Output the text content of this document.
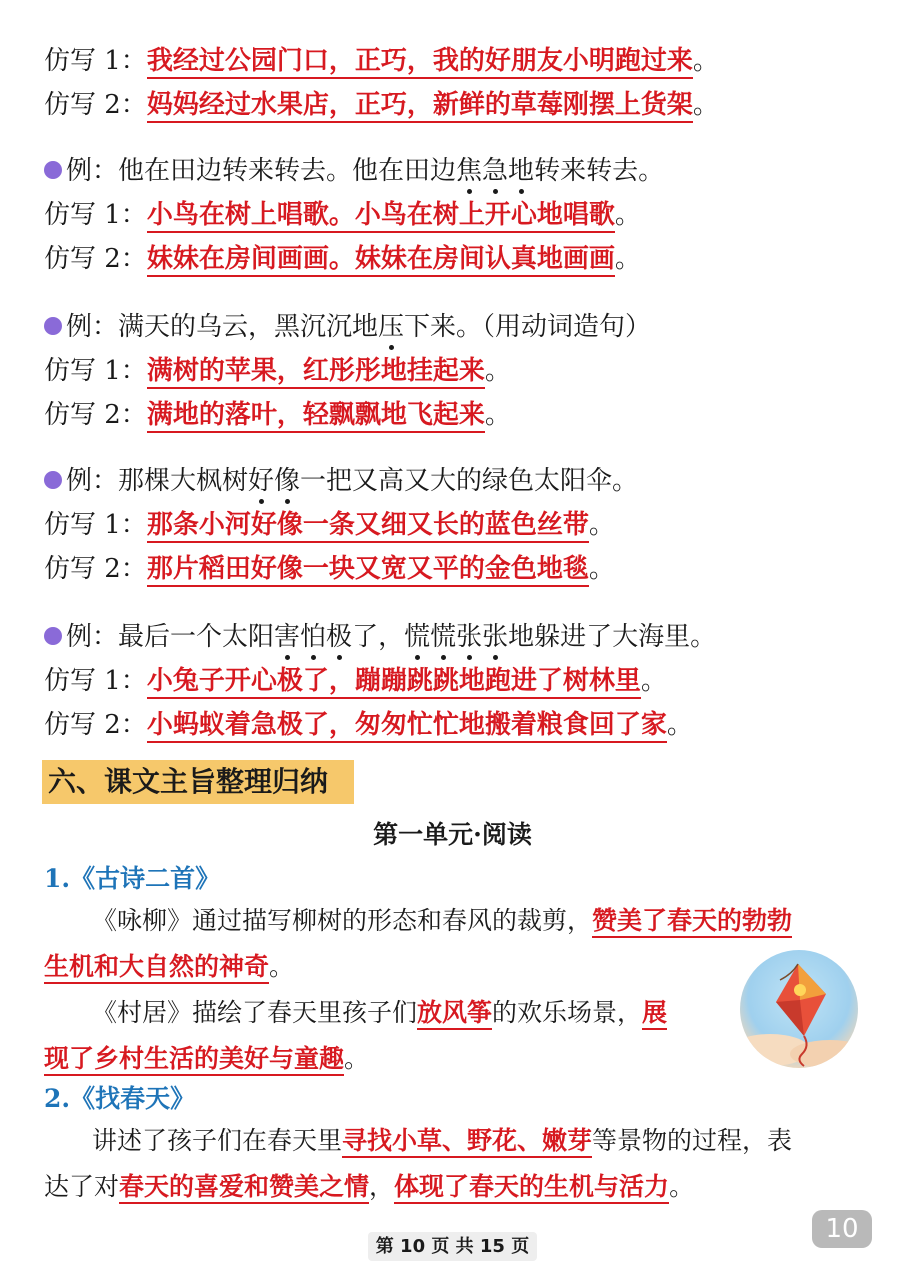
仿写 1：我经过公园门口，正巧，我的好朋友小明跑过来。
仿写 2：妈妈经过水果店，正巧，新鲜的草莓刚摆上货架。
例：他在田边转来转去。他在田边焦急地转来转去。
仿写 1：小鸟在树上唱歌。小鸟在树上开心地唱歌。
仿写 2：妹妹在房间画画。妹妹在房间认真地画画。
例：满天的乌云，黑沉沉地压下来。（用动词造句）
仿写 1：满树的苹果，红彤彤地挂起来。
仿写 2：满地的落叶，轻飘飘地飞起来。
例：那棵大枫树好像一把又高又大的绿色太阳伞。
仿写 1：那条小河好像一条又细又长的蓝色丝带。
仿写 2：那片稻田好像一块又宽又平的金色地毯。
例：最后一个太阳害怕极了，慌慌张张地躲进了大海里。
仿写 1：小兔子开心极了，蹦蹦跳跳地跑进了树林里。
仿写 2：小蚂蚁着急极了，匆匆忙忙地搬着粮食回了家。
六、课文主旨整理归纳
第一单元·阅读
1.《古诗二首》
《咏柳》通过描写柳树的形态和春风的裁剪，赞美了春天的勃勃
生机和大自然的神奇。
《村居》描绘了春天里孩子们放风筝的欢乐场景，展
现了乡村生活的美好与童趣。
2.《找春天》
讲述了孩子们在春天里寻找小草、野花、嫩芽等景物的过程，表
达了对春天的喜爱和赞美之情，体现了春天的生机与活力。
第 10 页 共 15 页
10
